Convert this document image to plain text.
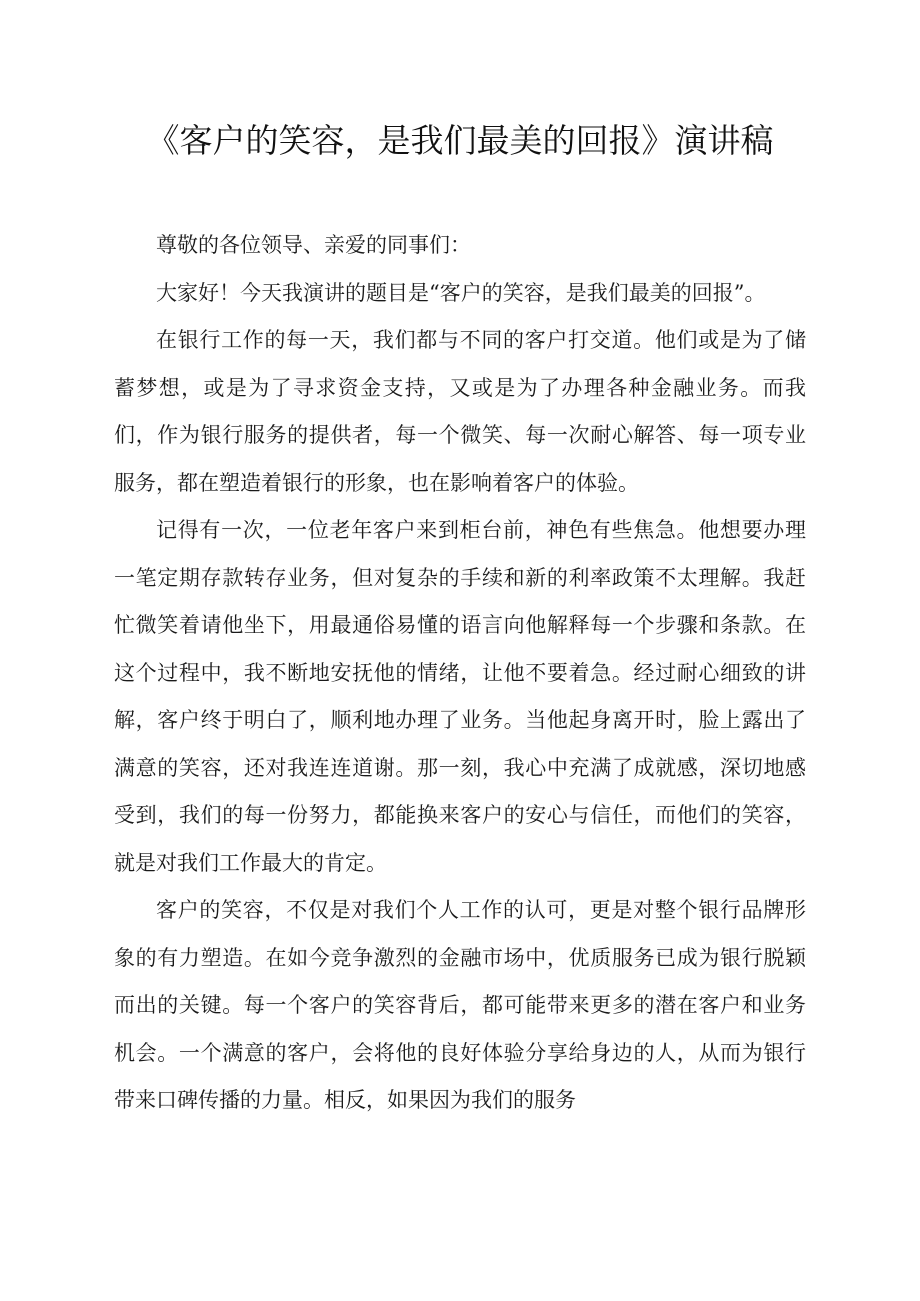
《客户的笑容，是我们最美的回报》演讲稿

尊敬的各位领导、亲爱的同事们：

大家好！今天我演讲的题目是“客户的笑容，是我们最美的回报”。

在银行工作的每一天，我们都与不同的客户打交道。他们或是为了储蓄梦想，或是为了寻求资金支持，又或是为了办理各种金融业务。而我们，作为银行服务的提供者，每一个微笑、每一次耐心解答、每一项专业服务，都在塑造着银行的形象，也在影响着客户的体验。

记得有一次，一位老年客户来到柜台前，神色有些焦急。他想要办理一笔定期存款转存业务，但对复杂的手续和新的利率政策不太理解。我赶忙微笑着请他坐下，用最通俗易懂的语言向他解释每一个步骤和条款。在这个过程中，我不断地安抚他的情绪，让他不要着急。经过耐心细致的讲解，客户终于明白了，顺利地办理了业务。当他起身离开时，脸上露出了满意的笑容，还对我连连道谢。那一刻，我心中充满了成就感，深切地感受到，我们的每一份努力，都能换来客户的安心与信任，而他们的笑容，就是对我们工作最大的肯定。

客户的笑容，不仅是对我们个人工作的认可，更是对整个银行品牌形象的有力塑造。在如今竞争激烈的金融市场中，优质服务已成为银行脱颖而出的关键。每一个客户的笑容背后，都可能带来更多的潜在客户和业务机会。一个满意的客户，会将他的良好体验分享给身边的人，从而为银行带来口碑传播的力量。相反，如果因为我们的服务
